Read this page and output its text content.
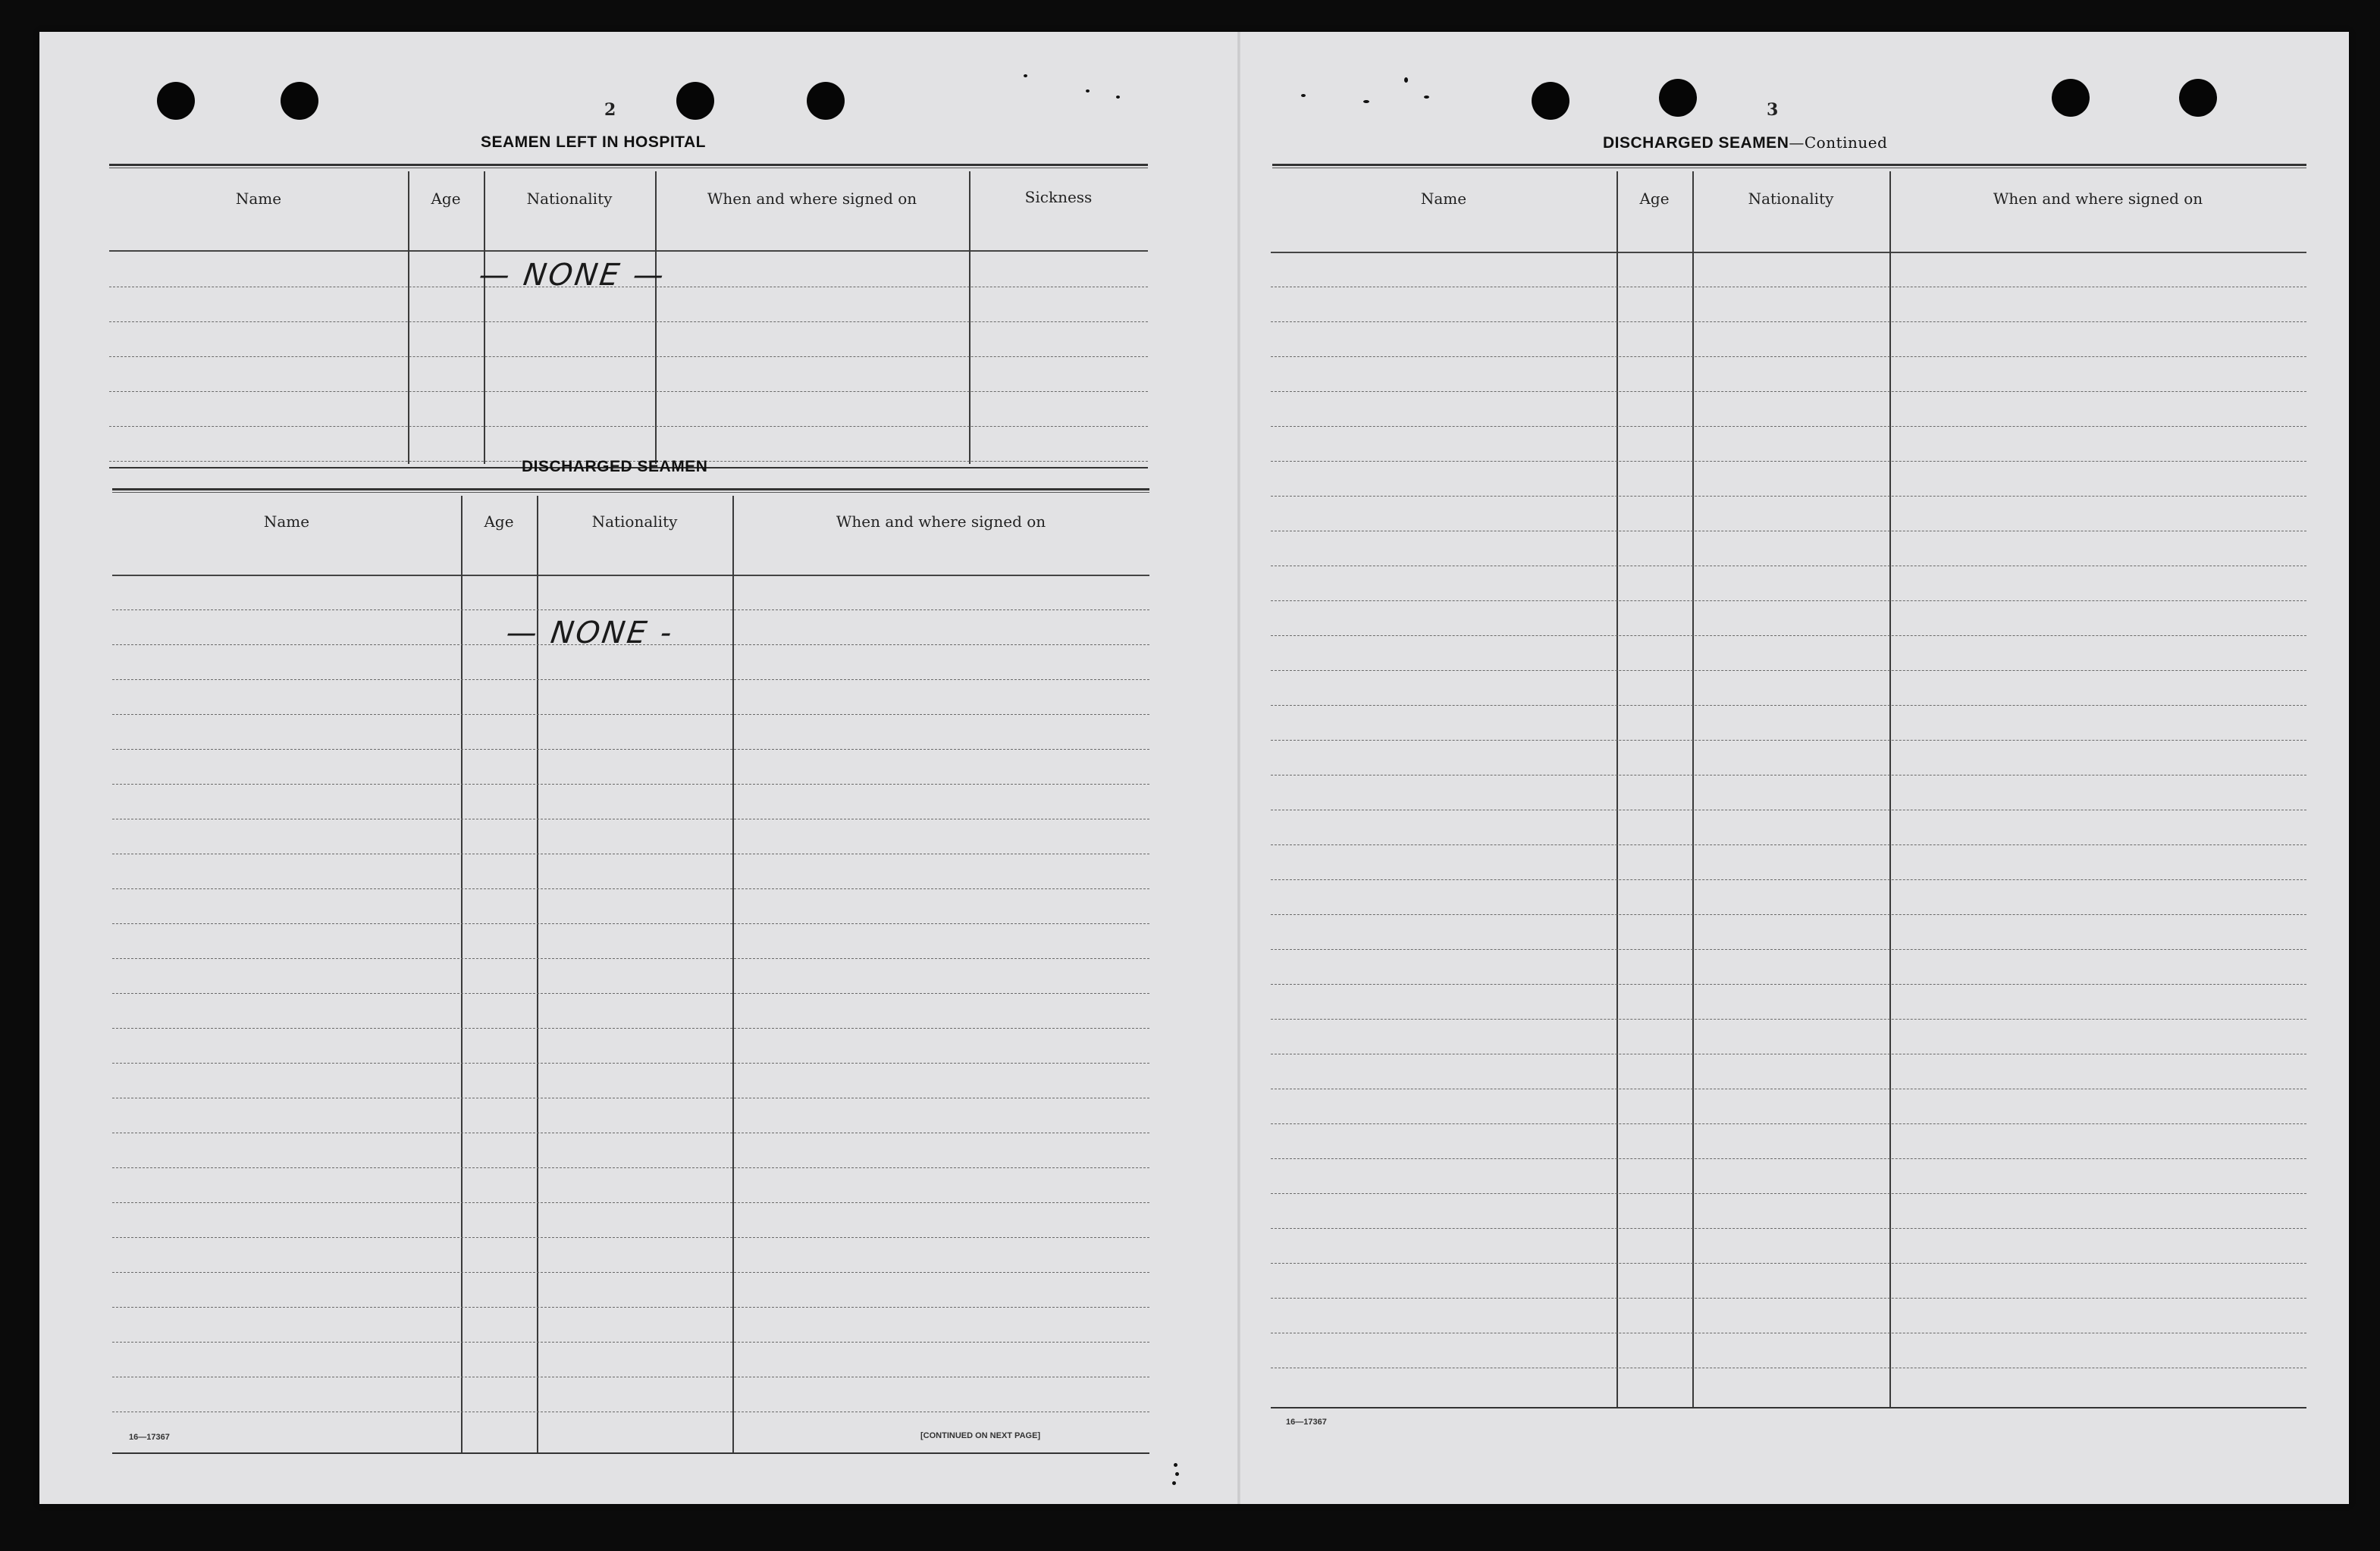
2
SEAMEN LEFT IN HOSPITAL
Name	Age	Nationality	When and where signed on	Sickness
— NONE —
DISCHARGED SEAMEN
Name	Age	Nationality	When and where signed on
— NONE -
16—17367	[CONTINUED ON NEXT PAGE]
3
DISCHARGED SEAMEN—Continued
Name	Age	Nationality	When and where signed on
16—17367
